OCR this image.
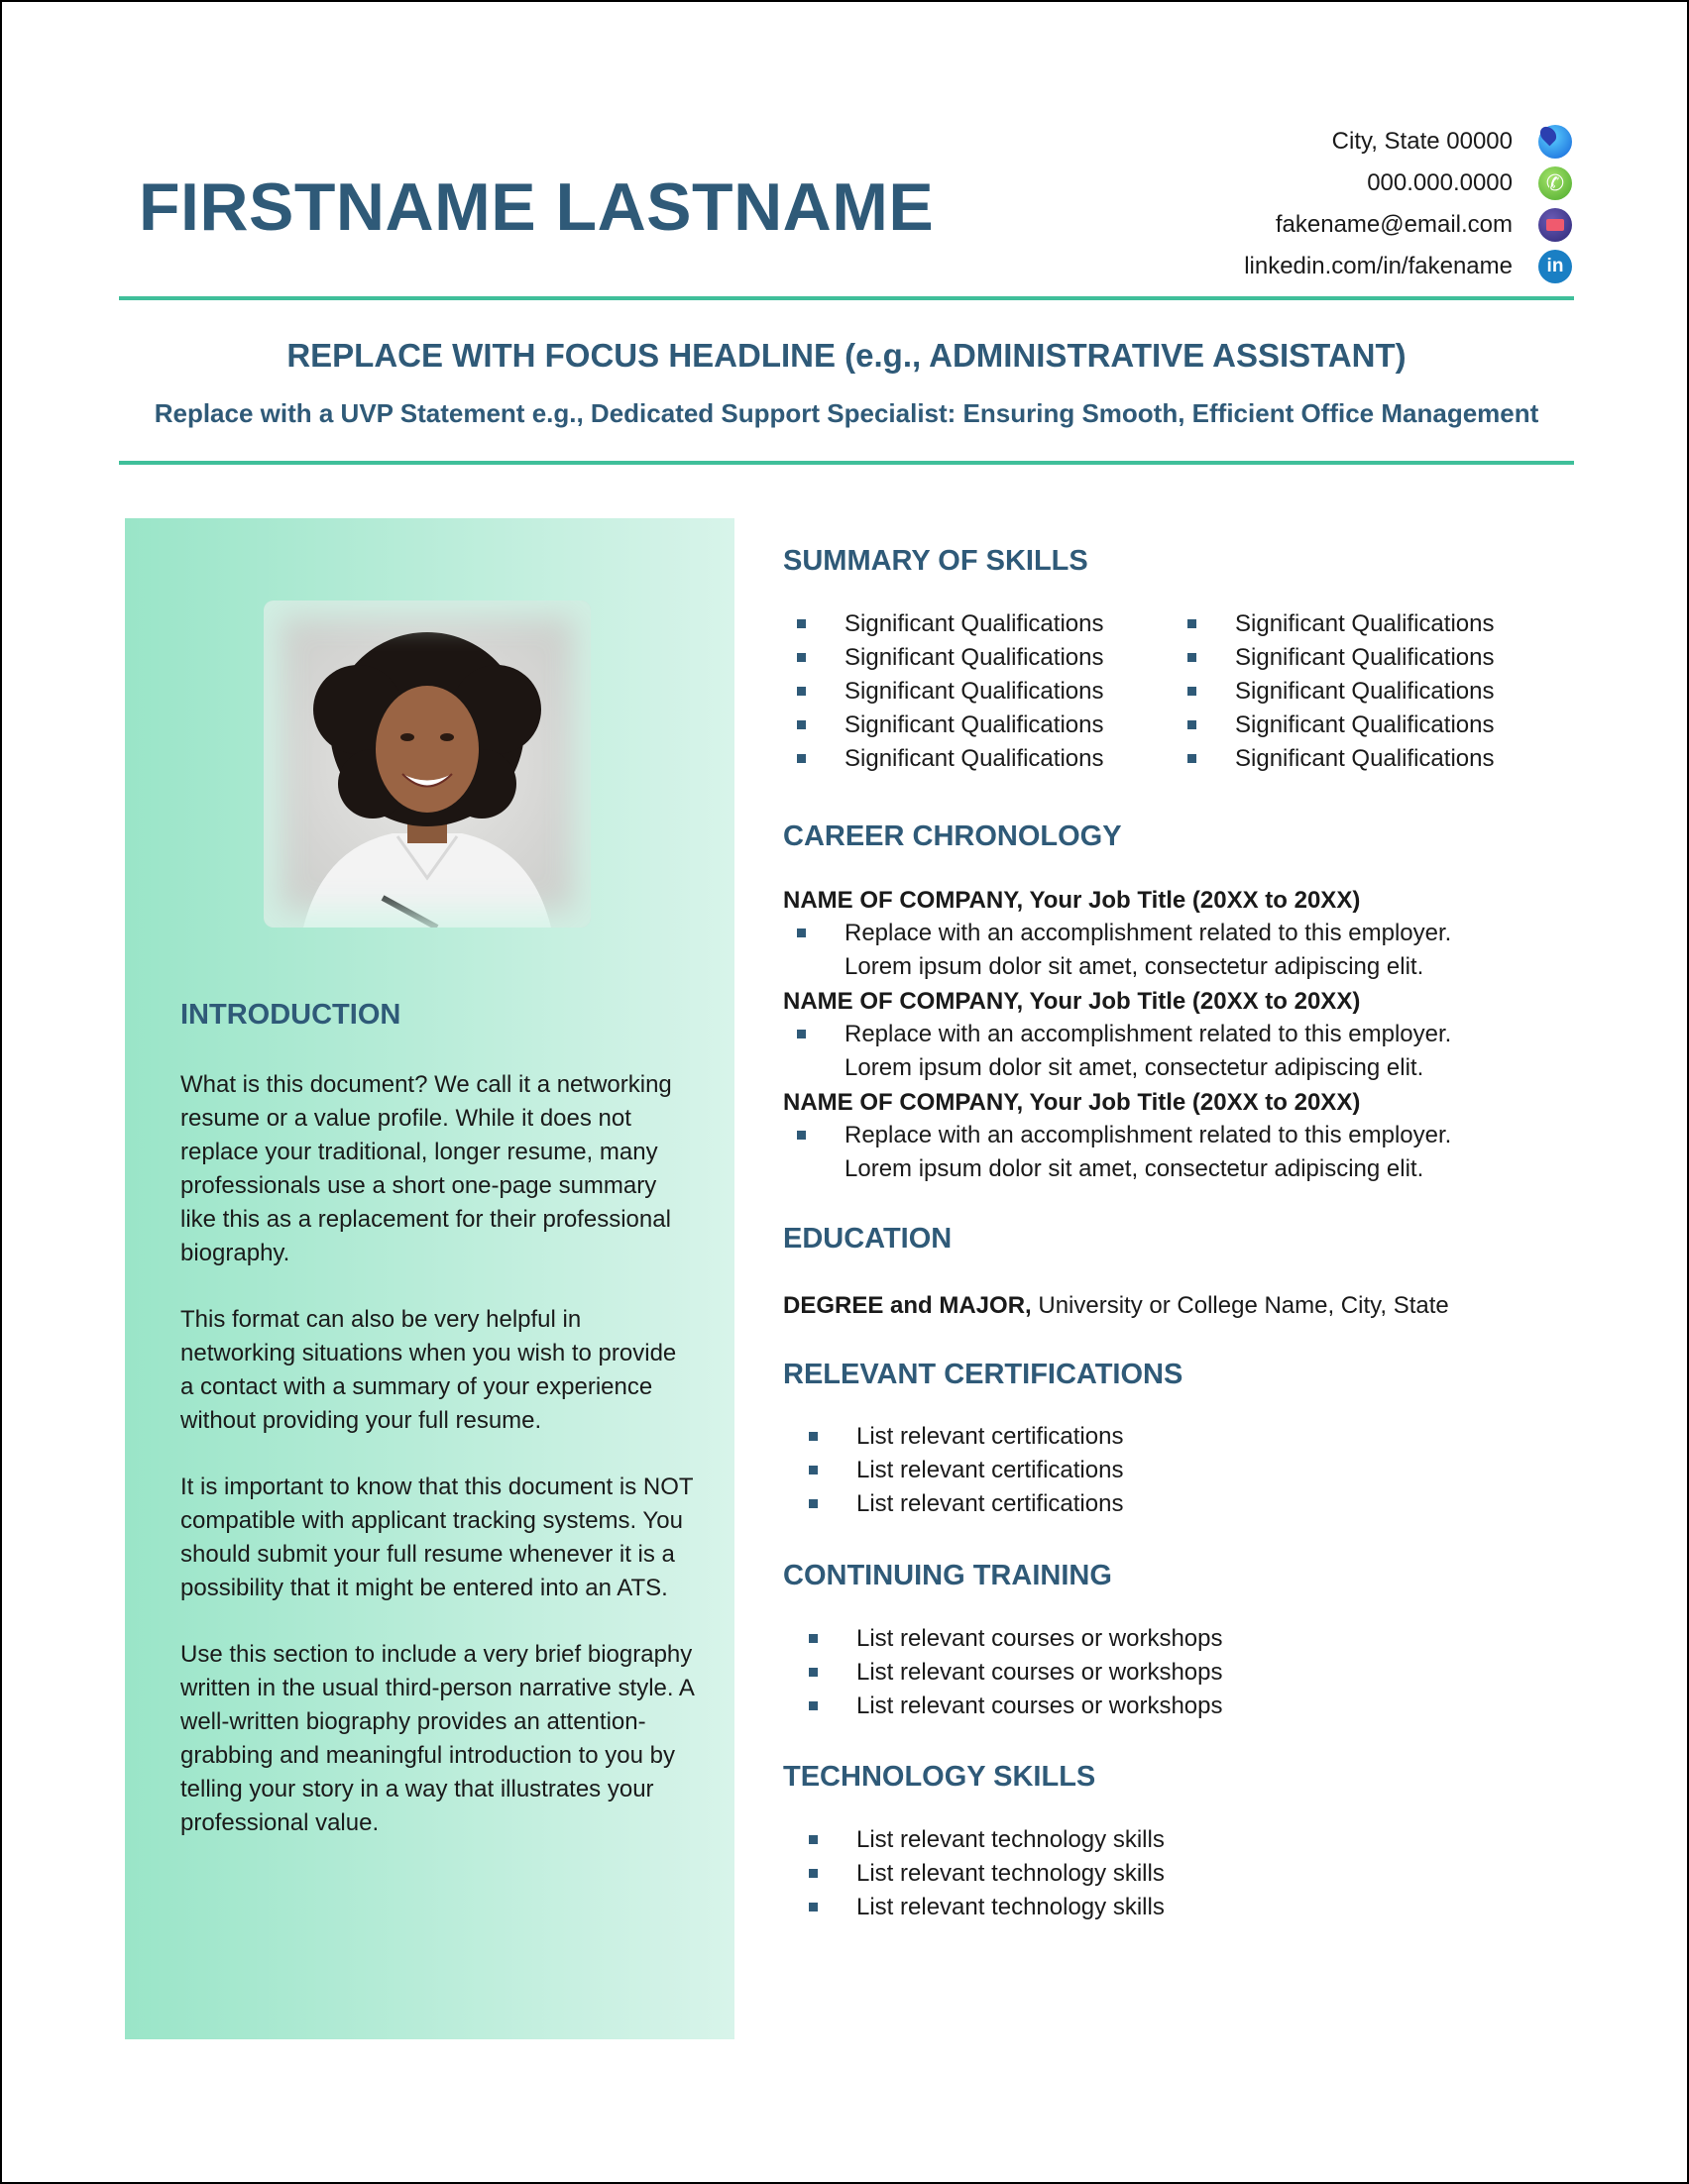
FIRSTNAME LASTNAME
City, State 00000
000.000.0000
✆
fakename@email.com
linkedin.com/in/fakename
in
REPLACE WITH FOCUS HEADLINE (e.g., ADMINISTRATIVE ASSISTANT)
Replace with a UVP Statement e.g., Dedicated Support Specialist: Ensuring Smooth, Efficient Office Management
INTRODUCTION

What is this document? We call it a networking resume or a value profile. While it does not replace your traditional, longer resume, many professionals use a short one-page summary like this as a replacement for their professional biography.

This format can also be very helpful in networking situations when you wish to provide a contact with a summary of your experience without providing your full resume.

It is important to know that this document is NOT compatible with applicant tracking systems. You should submit your full resume whenever it is a possibility that it might be entered into an ATS.

Use this section to include a very brief biography written in the usual third-person narrative style. A well-written biography provides an attention-grabbing and meaningful introduction to you by telling your story in a way that illustrates your professional value.

SUMMARY OF SKILLS
Significant Qualifications
Significant Qualifications
Significant Qualifications
Significant Qualifications
Significant Qualifications
Significant Qualifications
Significant Qualifications
Significant Qualifications
Significant Qualifications
Significant Qualifications
CAREER CHRONOLOGY
NAME OF COMPANY, Your Job Title (20XX to 20XX)
Replace with an accomplishment related to this employer.
Lorem ipsum dolor sit amet, consectetur adipiscing elit.
NAME OF COMPANY, Your Job Title (20XX to 20XX)
Replace with an accomplishment related to this employer.
Lorem ipsum dolor sit amet, consectetur adipiscing elit.
NAME OF COMPANY, Your Job Title (20XX to 20XX)
Replace with an accomplishment related to this employer.
Lorem ipsum dolor sit amet, consectetur adipiscing elit.
EDUCATION
DEGREE and MAJOR, University or College Name, City, State
RELEVANT CERTIFICATIONS
List relevant certifications
List relevant certifications
List relevant certifications
CONTINUING TRAINING
List relevant courses or workshops
List relevant courses or workshops
List relevant courses or workshops
TECHNOLOGY SKILLS
List relevant technology skills
List relevant technology skills
List relevant technology skills
